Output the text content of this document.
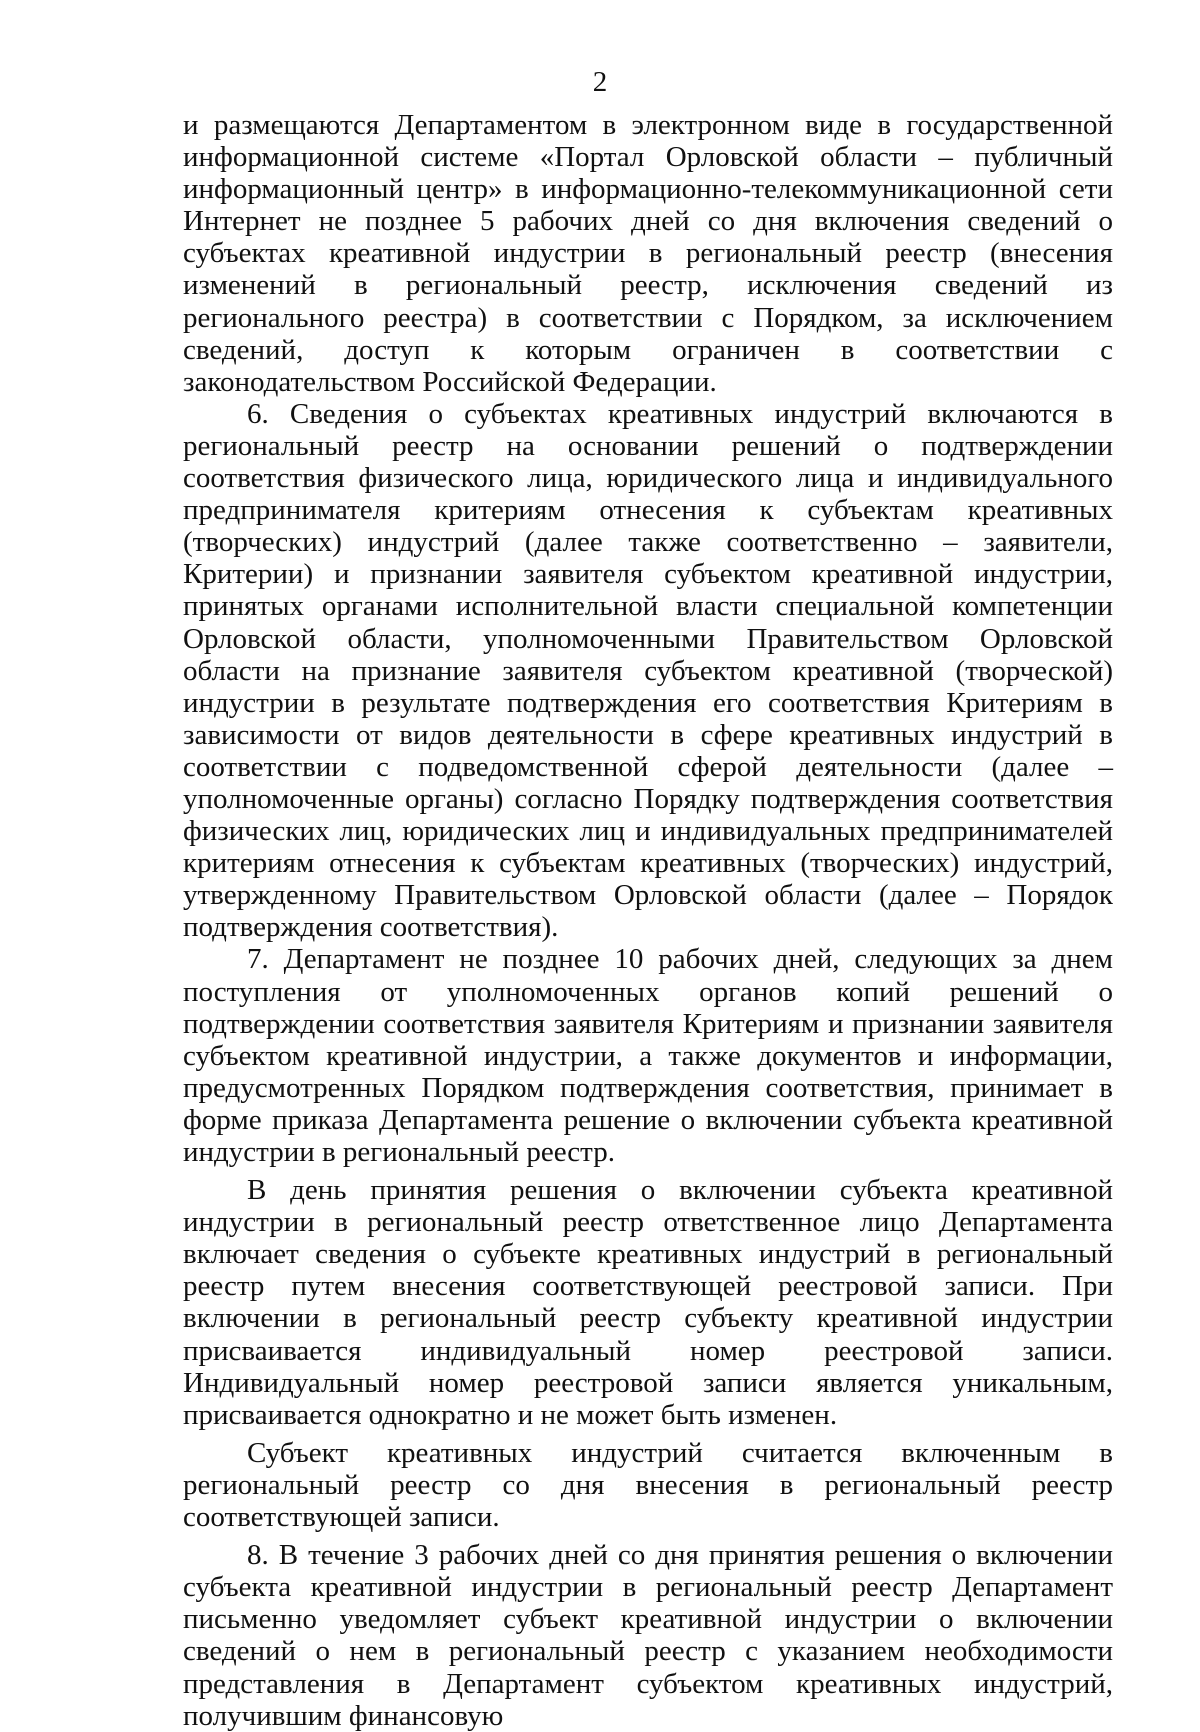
2

и размещаются Департаментом в электронном виде в государственной информационной системе «Портал Орловской области – публичный информационный центр» в информационно-телекоммуникационной сети Интернет не позднее 5 рабочих дней со дня включения сведений о субъектах креативной индустрии в региональный реестр (внесения изменений в региональный реестр, исключения сведений из регионального реестра) в соответствии с Порядком, за исключением сведений, доступ к которым ограничен в соответствии с законодательством Российской Федерации.

6. Сведения о субъектах креативных индустрий включаются в региональный реестр на основании решений о подтверждении соответствия физического лица, юридического лица и индивидуального предпринимателя критериям отнесения к субъектам креативных (творческих) индустрий (далее также соответственно – заявители, Критерии) и признании заявителя субъектом креативной индустрии, принятых органами исполнительной власти специальной компетенции Орловской области, уполномоченными Правительством Орловской области на признание заявителя субъектом креативной (творческой) индустрии в результате подтверждения его соответствия Критериям в зависимости от видов деятельности в сфере креативных индустрий в соответствии с подведомственной сферой деятельности (далее – уполномоченные органы) согласно Порядку подтверждения соответствия физических лиц, юридических лиц и индивидуальных предпринимателей критериям отнесения к субъектам креативных (творческих) индустрий, утвержденному Правительством Орловской области (далее – Порядок подтверждения соответствия).

7. Департамент не позднее 10 рабочих дней, следующих за днем поступления от уполномоченных органов копий решений о подтверждении соответствия заявителя Критериям и признании заявителя субъектом креативной индустрии, а также документов и информации, предусмотренных Порядком подтверждения соответствия, принимает в форме приказа Департамента решение о включении субъекта креативной индустрии в региональный реестр.

В день принятия решения о включении субъекта креативной индустрии в региональный реестр ответственное лицо Департамента включает сведения о субъекте креативных индустрий в региональный реестр путем внесения соответствующей реестровой записи. При включении в региональный реестр субъекту креативной индустрии присваивается индивидуальный номер реестровой записи. Индивидуальный номер реестровой записи является уникальным, присваивается однократно и не может быть изменен.

Субъект креативных индустрий считается включенным в региональный реестр со дня внесения в региональный реестр соответствующей записи.

8. В течение 3 рабочих дней со дня принятия решения о включении субъекта креативной индустрии в региональный реестр Департамент письменно уведомляет субъект креативной индустрии о включении сведений о нем в региональный реестр с указанием необходимости представления в Департамент субъектом креативных индустрий, получившим финансовую
